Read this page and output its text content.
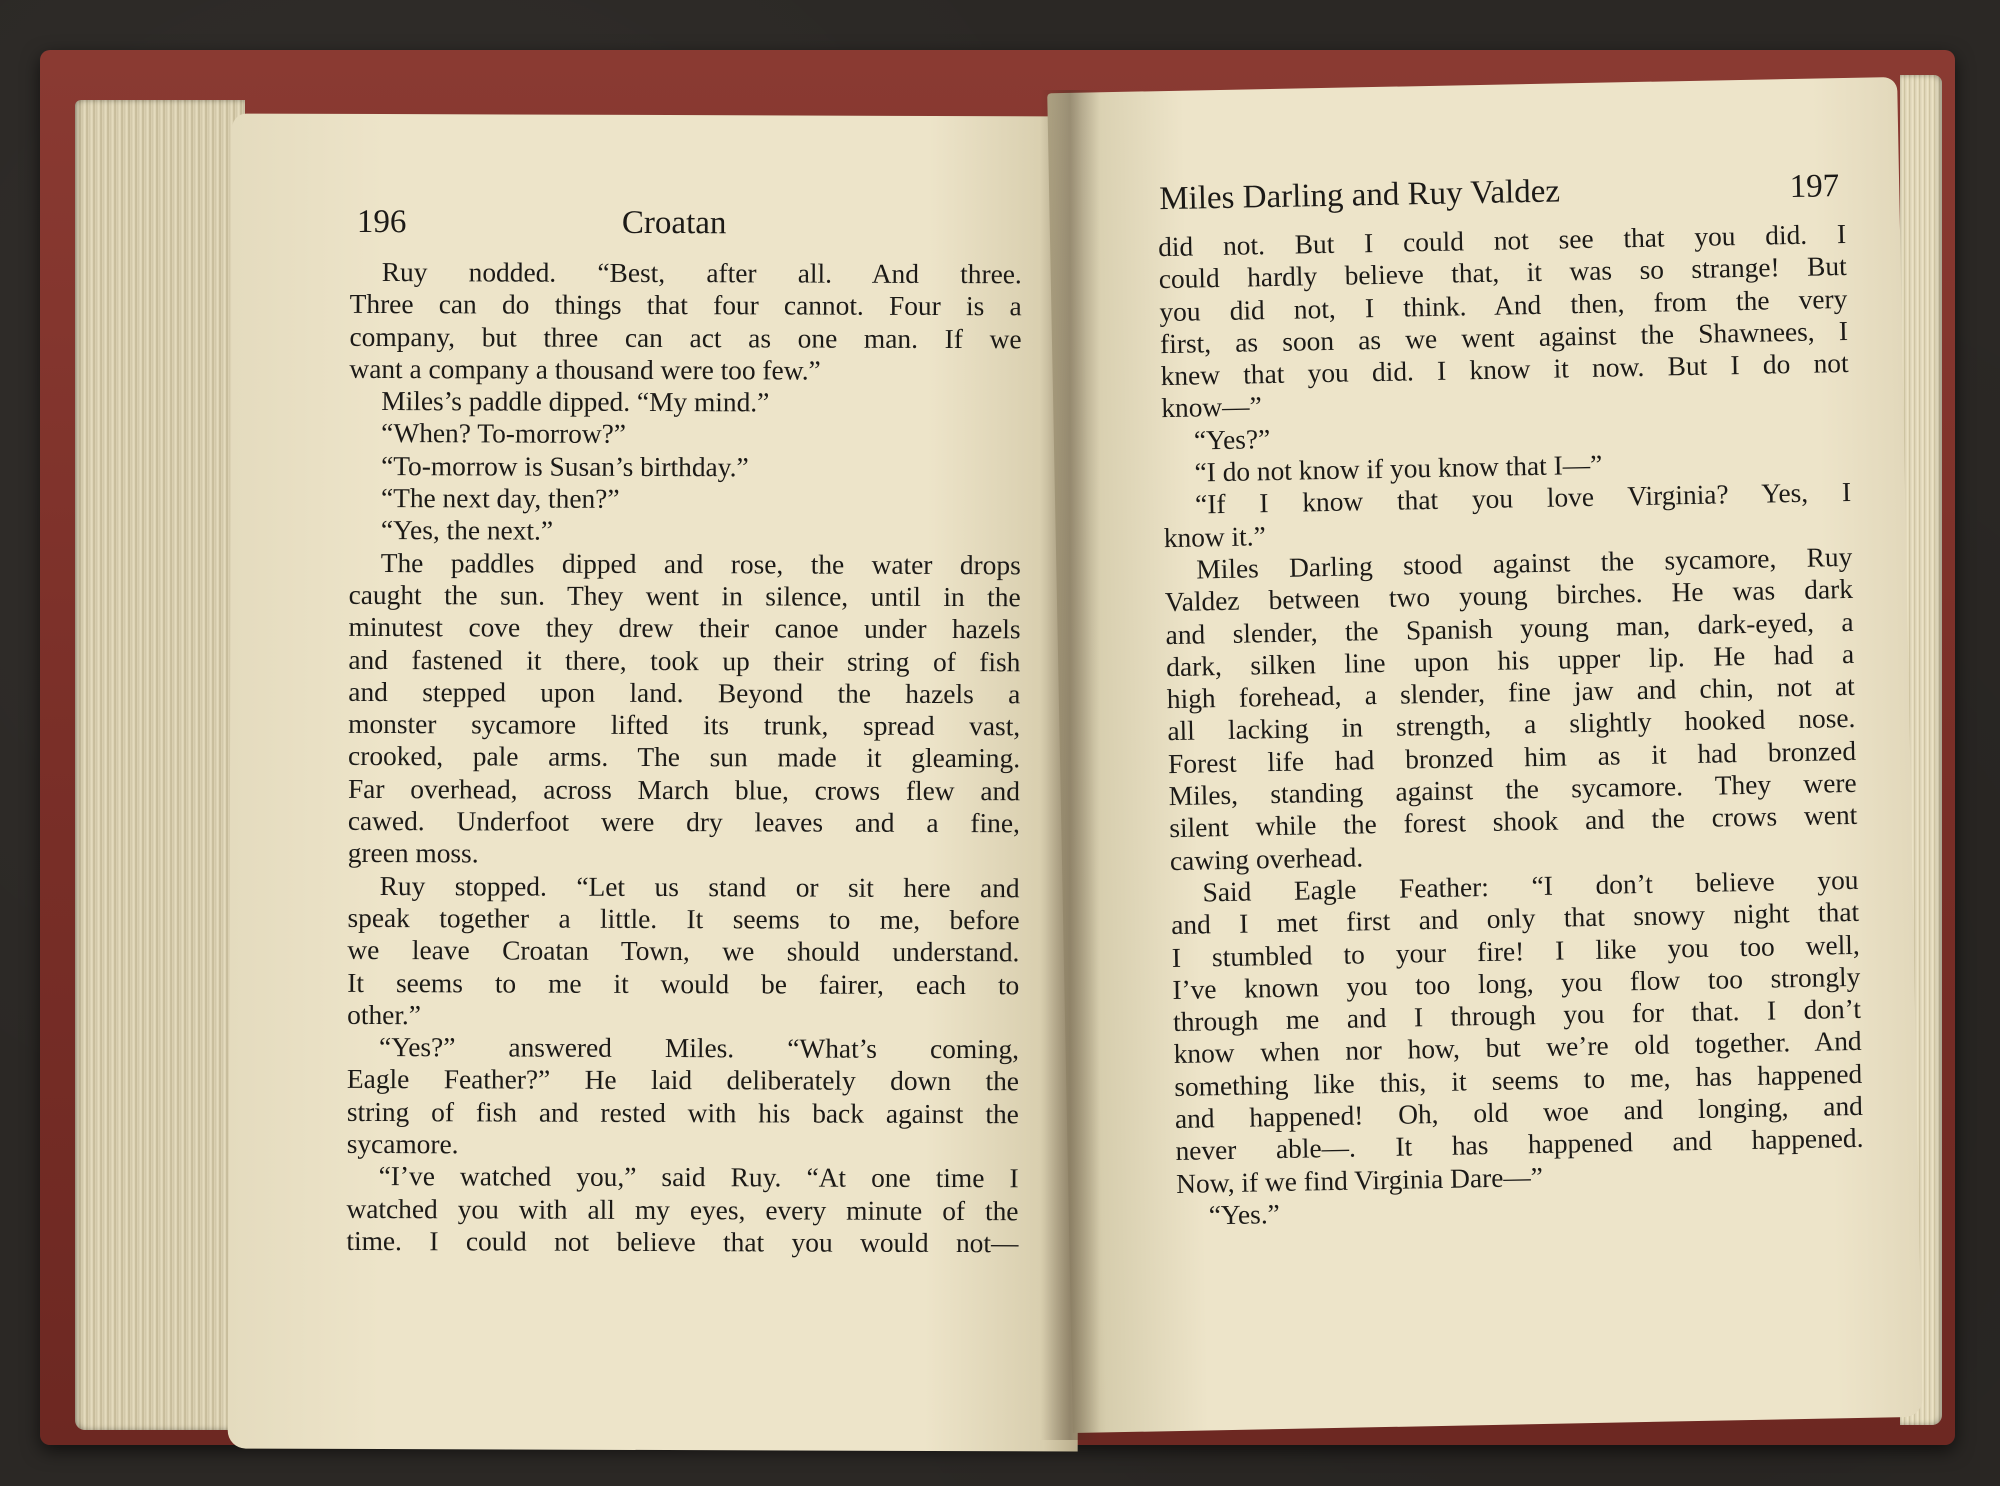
196	Croatan
Ruy nodded. “Best, after all. And three.
Three can do things that four cannot. Four is a
company, but three can act as one man. If we
want a company a thousand were too few.”
Miles’s paddle dipped. “My mind.”
“When? To-morrow?”
“To-morrow is Susan’s birthday.”
“The next day, then?”
“Yes, the next.”
The paddles dipped and rose, the water drops
caught the sun. They went in silence, until in the
minutest cove they drew their canoe under hazels
and fastened it there, took up their string of fish
and stepped upon land. Beyond the hazels a
monster sycamore lifted its trunk, spread vast,
crooked, pale arms. The sun made it gleaming.
Far overhead, across March blue, crows flew and
cawed. Underfoot were dry leaves and a fine,
green moss.
Ruy stopped. “Let us stand or sit here and
speak together a little. It seems to me, before
we leave Croatan Town, we should understand.
It seems to me it would be fairer, each to
other.”
“Yes?” answered Miles. “What’s coming,
Eagle Feather?” He laid deliberately down the
string of fish and rested with his back against the
sycamore.
“I’ve watched you,” said Ruy. “At one time I
watched you with all my eyes, every minute of the
time. I could not believe that you would not—
Miles Darling and Ruy Valdez	197
did not. But I could not see that you did. I
could hardly believe that, it was so strange! But
you did not, I think. And then, from the very
first, as soon as we went against the Shawnees, I
knew that you did. I know it now. But I do not
know—”
“Yes?”
“I do not know if you know that I—”
“If I know that you love Virginia? Yes, I
know it.”
Miles Darling stood against the sycamore, Ruy
Valdez between two young birches. He was dark
and slender, the Spanish young man, dark-eyed, a
dark, silken line upon his upper lip. He had a
high forehead, a slender, fine jaw and chin, not at
all lacking in strength, a slightly hooked nose.
Forest life had bronzed him as it had bronzed
Miles, standing against the sycamore. They were
silent while the forest shook and the crows went
cawing overhead.
Said Eagle Feather: “I don’t believe you
and I met first and only that snowy night that
I stumbled to your fire! I like you too well,
I’ve known you too long, you flow too strongly
through me and I through you for that. I don’t
know when nor how, but we’re old together. And
something like this, it seems to me, has happened
and happened! Oh, old woe and longing, and
never able—. It has happened and happened.
Now, if we find Virginia Dare—”
“Yes.”
